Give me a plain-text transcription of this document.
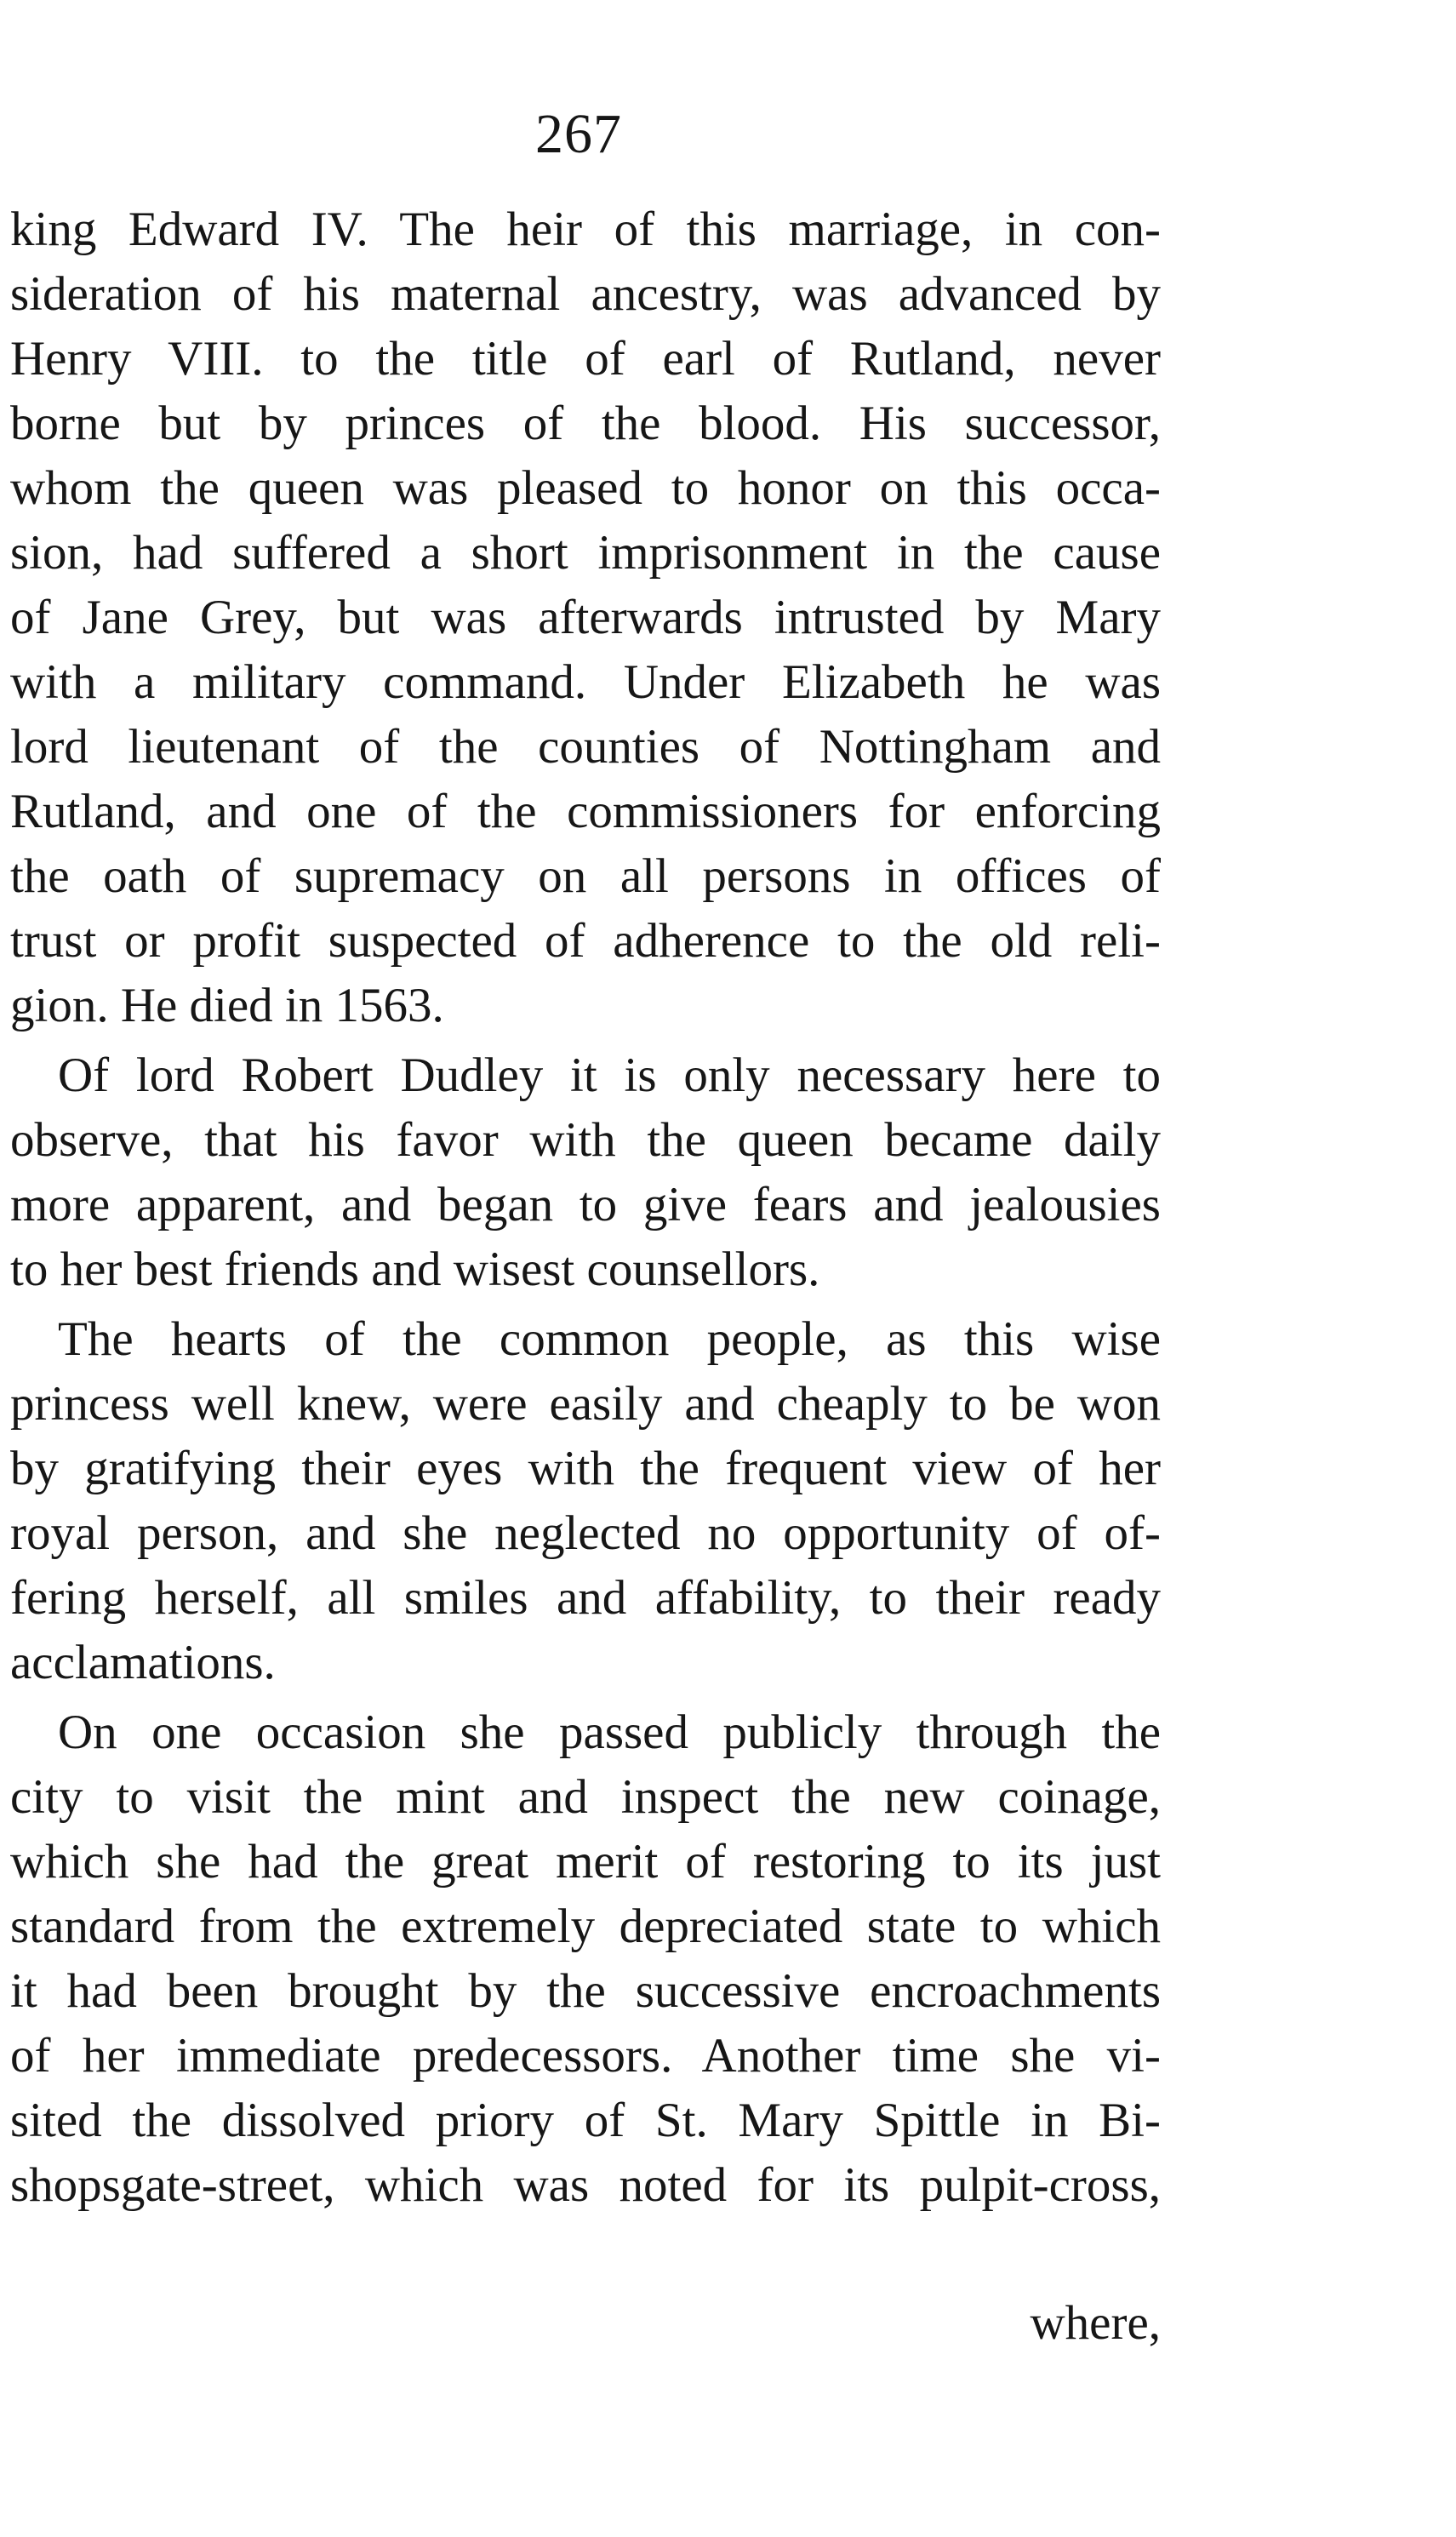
267
king Edward IV. The heir of this marriage, in con-
sideration of his maternal ancestry, was advanced by
Henry VIII. to the title of earl of Rutland, never
borne but by princes of the blood. His successor,
whom the queen was pleased to honor on this occa-
sion, had suffered a short imprisonment in the cause
of Jane Grey, but was afterwards intrusted by Mary
with a military command. Under Elizabeth he was
lord lieutenant of the counties of Nottingham and
Rutland, and one of the commissioners for enforcing
the oath of supremacy on all persons in offices of
trust or profit suspected of adherence to the old reli-
gion. He died in 1563.
Of lord Robert Dudley it is only necessary here to
observe, that his favor with the queen became daily
more apparent, and began to give fears and jealousies
to her best friends and wisest counsellors.
The hearts of the common people, as this wise
princess well knew, were easily and cheaply to be won
by gratifying their eyes with the frequent view of her
royal person, and she neglected no opportunity of of-
fering herself, all smiles and affability, to their ready
acclamations.
On one occasion she passed publicly through the
city to visit the mint and inspect the new coinage,
which she had the great merit of restoring to its just
standard from the extremely depreciated state to which
it had been brought by the successive encroachments
of her immediate predecessors. Another time she vi-
sited the dissolved priory of St. Mary Spittle in Bi-
shopsgate-street, which was noted for its pulpit-cross,
where,
